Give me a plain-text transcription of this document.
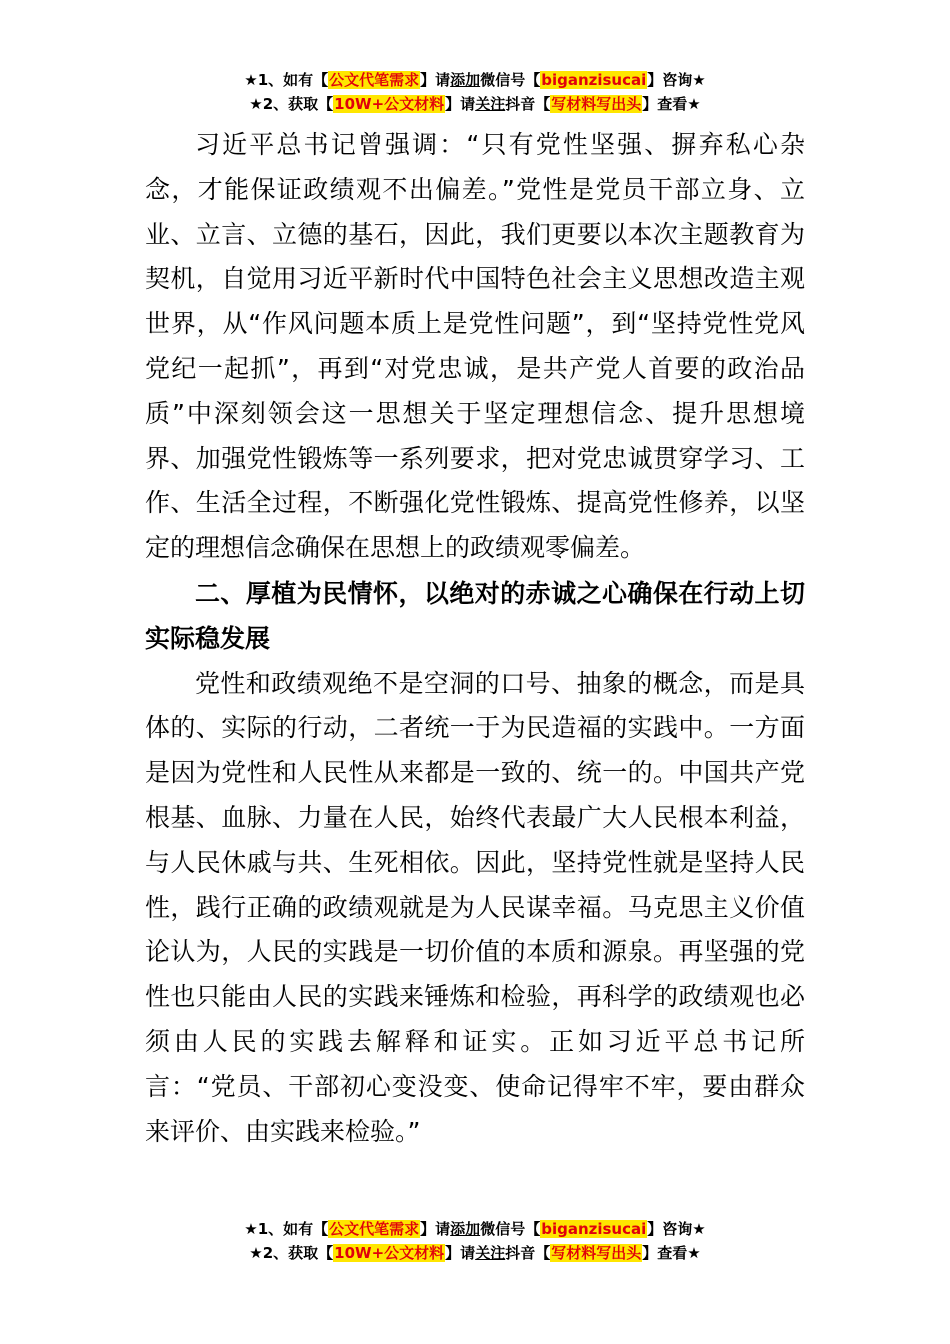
★1、如有【公文代笔需求】请添加微信号【biganzisucai】咨询★
★2、获取【10W+公文材料】请关注抖音【写材料写出头】查看★

习近平总书记曾强调：“只有党性坚强、摒弃私心杂念，才能保证政绩观不出偏差。”党性是党员干部立身、立业、立言、立德的基石，因此，我们更要以本次主题教育为契机，自觉用习近平新时代中国特色社会主义思想改造主观世界，从“作风问题本质上是党性问题”，到“坚持党性党风党纪一起抓”，再到“对党忠诚，是共产党人首要的政治品质”中深刻领会这一思想关于坚定理想信念、提升思想境界、加强党性锻炼等一系列要求，把对党忠诚贯穿学习、工作、生活全过程，不断强化党性锻炼、提高党性修养，以坚定的理想信念确保在思想上的政绩观零偏差。

二、厚植为民情怀，以绝对的赤诚之心确保在行动上切实际稳发展

党性和政绩观绝不是空洞的口号、抽象的概念，而是具体的、实际的行动，二者统一于为民造福的实践中。一方面是因为党性和人民性从来都是一致的、统一的。中国共产党根基、血脉、力量在人民，始终代表最广大人民根本利益，与人民休戚与共、生死相依。因此，坚持党性就是坚持人民性，践行正确的政绩观就是为人民谋幸福。马克思主义价值论认为，人民的实践是一切价值的本质和源泉。再坚强的党性也只能由人民的实践来锤炼和检验，再科学的政绩观也必须由人民的实践去解释和证实。正如习近平总书记所言：“党员、干部初心变没变、使命记得牢不牢，要由群众来评价、由实践来检验。”

★1、如有【公文代笔需求】请添加微信号【biganzisucai】咨询★
★2、获取【10W+公文材料】请关注抖音【写材料写出头】查看★
